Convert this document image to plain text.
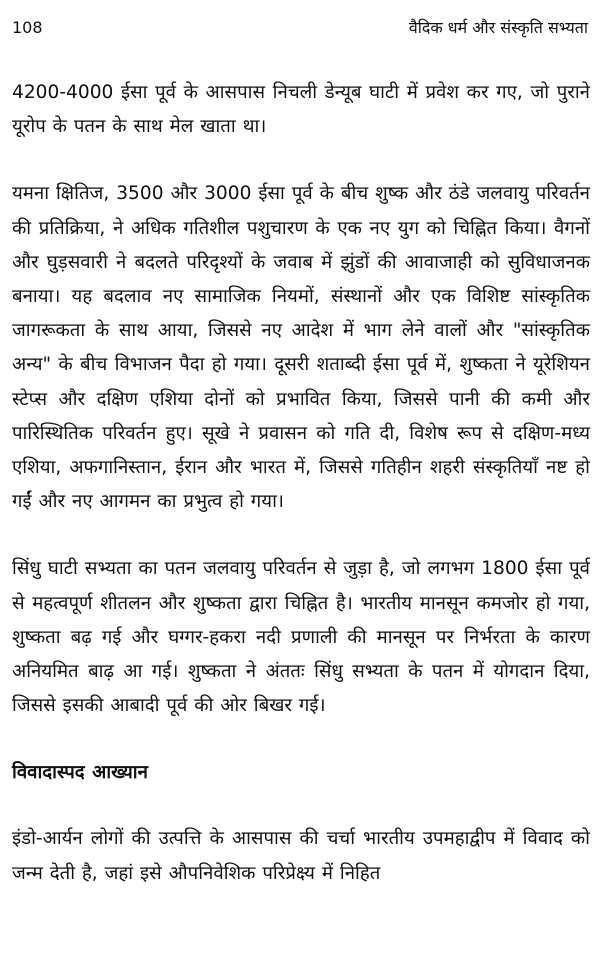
108	वैदिक धर्म और संस्कृति सभ्यता

4200-4000 ईसा पूर्व के आसपास निचली डेन्यूब घाटी में प्रवेश कर गए, जो पुराने यूरोप के पतन के साथ मेल खाता था।

यमना क्षितिज, 3500 और 3000 ईसा पूर्व के बीच शुष्क और ठंडे जलवायु परिवर्तन की प्रतिक्रिया, ने अधिक गतिशील पशुचारण के एक नए युग को चिह्नित किया। वैगनों और घुड़सवारी ने बदलते परिदृश्यों के जवाब में झुंडों की आवाजाही को सुविधाजनक बनाया। यह बदलाव नए सामाजिक नियमों, संस्थानों और एक विशिष्ट सांस्कृतिक जागरूकता के साथ आया, जिससे नए आदेश में भाग लेने वालों और "सांस्कृतिक अन्य" के बीच विभाजन पैदा हो गया। दूसरी शताब्दी ईसा पूर्व में, शुष्कता ने यूरेशियन स्टेप्स और दक्षिण एशिया दोनों को प्रभावित किया, जिससे पानी की कमी और पारिस्थितिक परिवर्तन हुए। सूखे ने प्रवासन को गति दी, विशेष रूप से दक्षिण-मध्य एशिया, अफगानिस्तान, ईरान और भारत में, जिससे गतिहीन शहरी संस्कृतियाँ नष्ट हो गईं और नए आगमन का प्रभुत्व हो गया।

सिंधु घाटी सभ्यता का पतन जलवायु परिवर्तन से जुड़ा है, जो लगभग 1800 ईसा पूर्व से महत्वपूर्ण शीतलन और शुष्कता द्वारा चिह्नित है। भारतीय मानसून कमजोर हो गया, शुष्कता बढ़ गई और घग्गर-हकरा नदी प्रणाली की मानसून पर निर्भरता के कारण अनियमित बाढ़ आ गई। शुष्कता ने अंततः सिंधु सभ्यता के पतन में योगदान दिया, जिससे इसकी आबादी पूर्व की ओर बिखर गई।

विवादास्पद आख्यान

इंडो-आर्यन लोगों की उत्पत्ति के आसपास की चर्चा भारतीय उपमहाद्वीप में विवाद को जन्म देती है, जहां इसे औपनिवेशिक परिप्रेक्ष्य में निहित
